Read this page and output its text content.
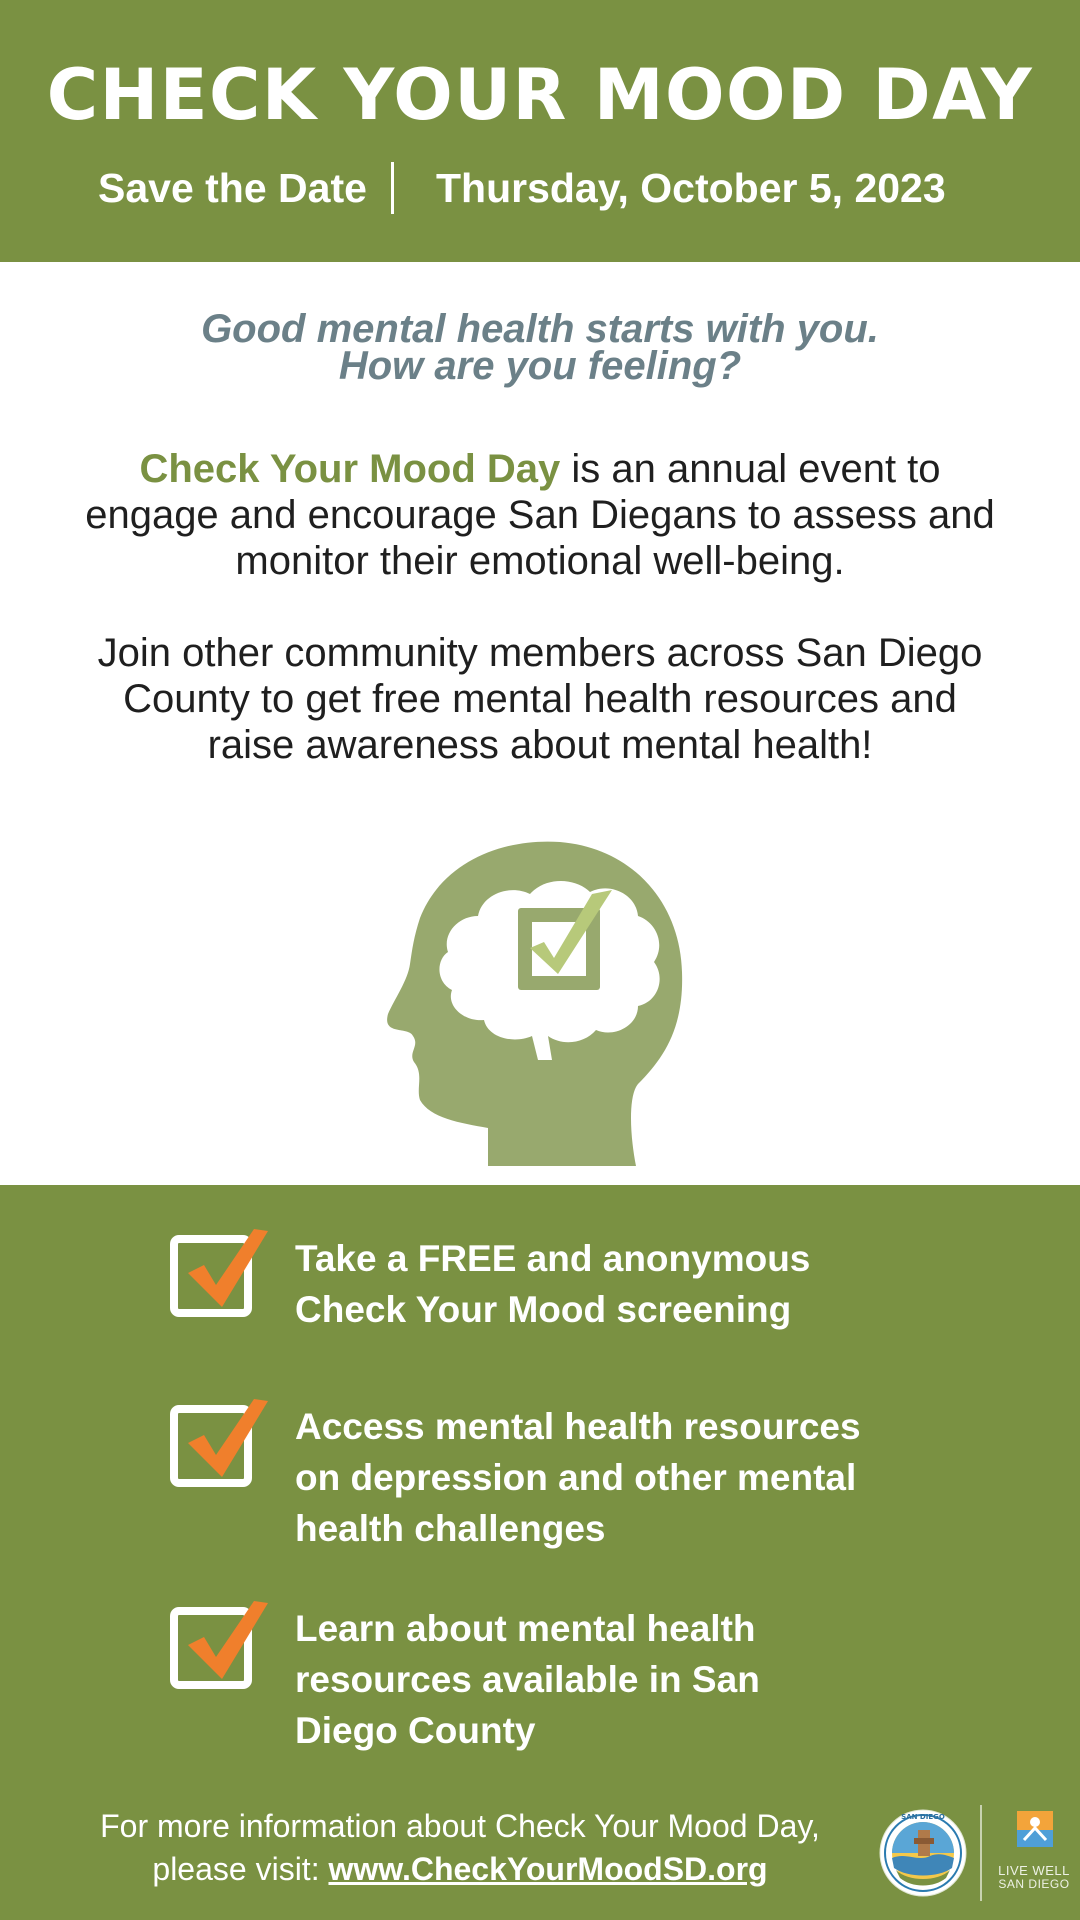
CHECK YOUR MOOD DAY
Save the Date Thursday, October 5, 2023
Good mental health starts with you.
How are you feeling?
Check Your Mood Day is an annual event to engage and encourage San Diegans to assess and monitor their emotional well-being.
Join other community members across San Diego County to get free mental health resources and raise awareness about mental health!
Take a FREE and anonymous
Check Your Mood screening
Access mental health resources
on depression and other mental
health challenges
Learn about mental health
resources available in San
Diego County
For more information about Check Your Mood Day,
please visit: www.CheckYourMoodSD.org
SAN DIEGO
LIVE WELL
SAN DIEGO
